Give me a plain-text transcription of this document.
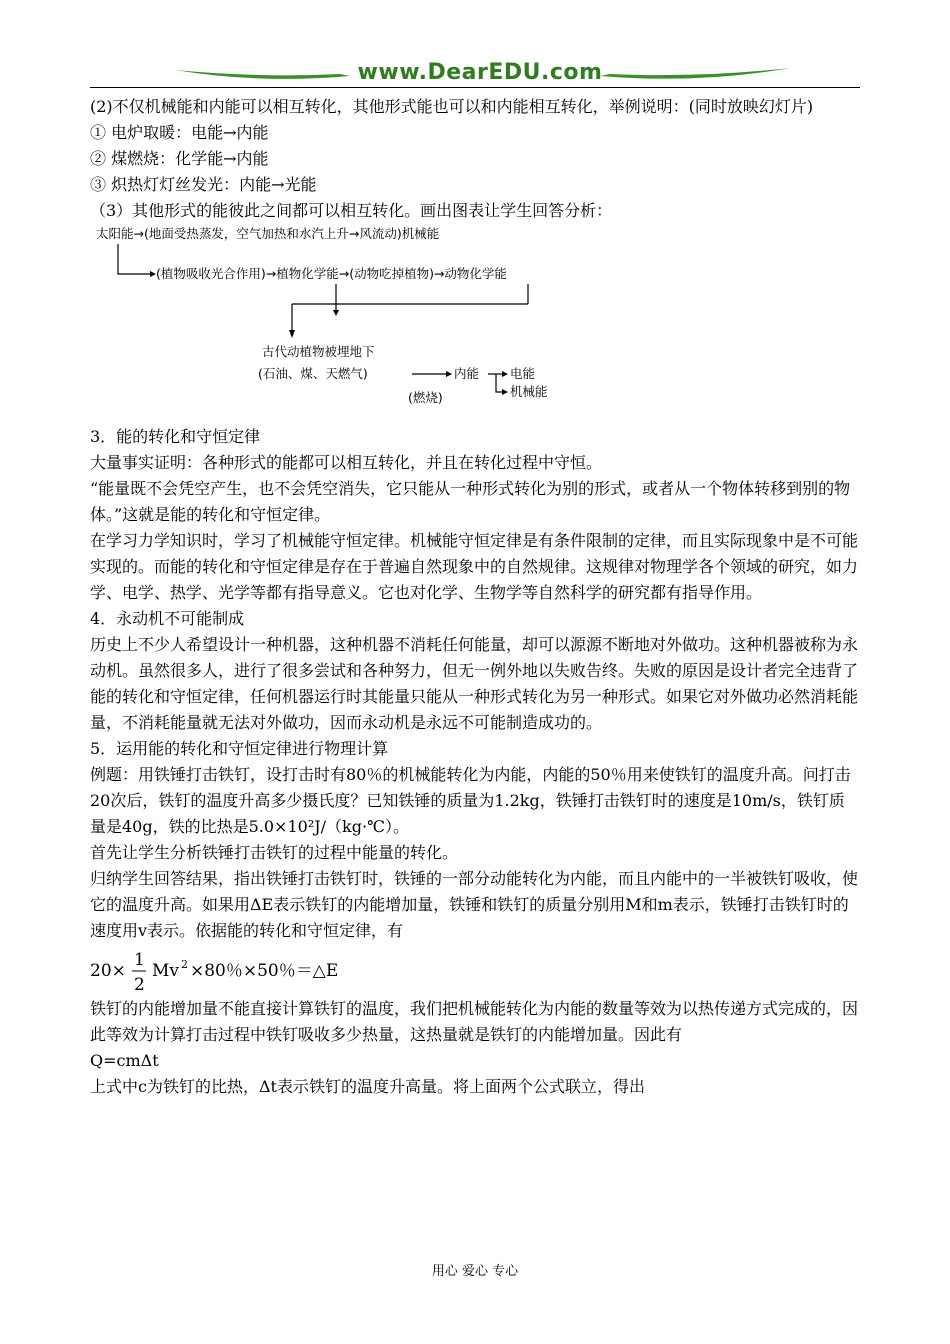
www.DearEDU.com

(2)不仅机械能和内能可以相互转化，其他形式能也可以和内能相互转化，举例说明：(同时放映幻灯片)

① 电炉取暖：电能→内能

② 煤燃烧：化学能→内能

③ 炽热灯灯丝发光：内能→光能

（3）其他形式的能彼此之间都可以相互转化。画出图表让学生回答分析：

太阳能→(地面受热蒸发，空气加热和水汽上升→风流动)机械能
(植物吸收光合作用)→植物化学能→(动物吃掉植物)→动物化学能
古代动植物被埋地下
(石油、煤、天燃气)	内能
(燃烧)
电能
机械能

3．能的转化和守恒定律

大量事实证明：各种形式的能都可以相互转化，并且在转化过程中守恒。

“能量既不会凭空产生，也不会凭空消失，它只能从一种形式转化为别的形式，或者从一个物体转移到别的物体。”这就是能的转化和守恒定律。

在学习力学知识时，学习了机械能守恒定律。机械能守恒定律是有条件限制的定律，而且实际现象中是不可能实现的。而能的转化和守恒定律是存在于普遍自然现象中的自然规律。这规律对物理学各个领域的研究，如力学、电学、热学、光学等都有指导意义。它也对化学、生物学等自然科学的研究都有指导作用。

4．永动机不可能制成

历史上不少人希望设计一种机器，这种机器不消耗任何能量，却可以源源不断地对外做功。这种机器被称为永动机。虽然很多人，进行了很多尝试和各种努力，但无一例外地以失败告终。失败的原因是设计者完全违背了能的转化和守恒定律，任何机器运行时其能量只能从一种形式转化为另一种形式。如果它对外做功必然消耗能量，不消耗能量就无法对外做功，因而永动机是永远不可能制造成功的。

5．运用能的转化和守恒定律进行物理计算

例题：用铁锤打击铁钉，设打击时有80％的机械能转化为内能，内能的50％用来使铁钉的温度升高。问打击20次后，铁钉的温度升高多少摄氏度？已知铁锤的质量为1.2kg，铁锤打击铁钉时的速度是10m/s，铁钉质量是40g，铁的比热是5.0×10²J/（kg·℃）。

首先让学生分析铁锤打击铁钉的过程中能量的转化。

归纳学生回答结果，指出铁锤打击铁钉时，铁锤的一部分动能转化为内能，而且内能中的一半被铁钉吸收，使它的温度升高。如果用ΔE表示铁钉的内能增加量，铁锤和铁钉的质量分别用M和m表示，铁锤打击铁钉时的速度用v表示。依据能的转化和守恒定律，有

20×
1
2
Mv 2 ×80％×50％＝△E

铁钉的内能增加量不能直接计算铁钉的温度，我们把机械能转化为内能的数量等效为以热传递方式完成的，因此等效为计算打击过程中铁钉吸收多少热量，这热量就是铁钉的内能增加量。因此有

Q=cmΔt

上式中c为铁钉的比热，Δt表示铁钉的温度升高量。将上面两个公式联立，得出

用心 爱心 专心
